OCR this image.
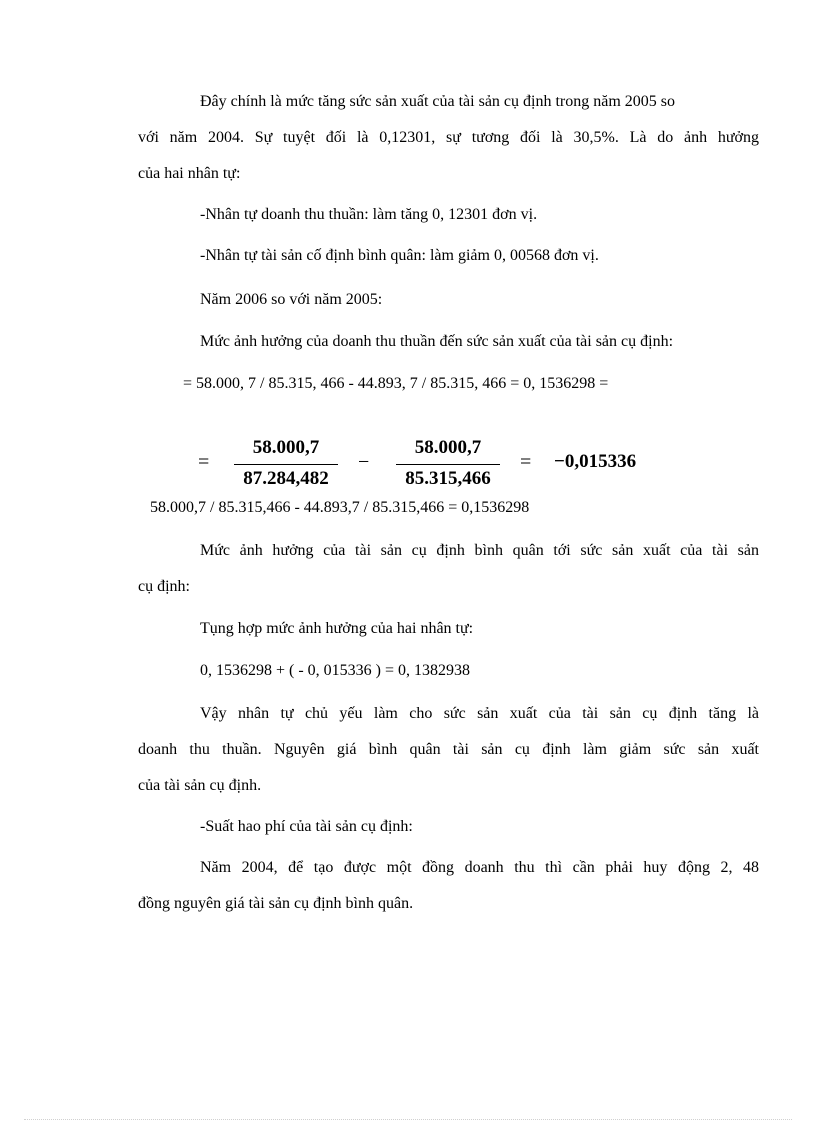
Đây chính là mức tăng sức sản xuất của tài sản cụ định trong năm 2005 so
với năm 2004. Sự tuyệt đối là 0,12301, sự tương đối là 30,5%. Là do ảnh hưởng
của hai nhân tự:
-Nhân tự doanh thu thuần: làm tăng 0, 12301 đơn vị.
-Nhân tự tài sản cố định bình quân: làm giảm 0, 00568 đơn vị.
Năm 2006 so với năm 2005:
Mức ảnh hưởng của doanh thu thuần đến sức sản xuất của tài sản cụ định:
= 58.000, 7 / 85.315, 466 - 44.893, 7 / 85.315, 466 = 0, 1536298 =
=
58.000,7
87.284,482
−
58.000,7
85.315,466
= −0,015336
58.000,7 / 85.315,466 - 44.893,7 / 85.315,466 = 0,1536298
Mức ảnh hưởng của tài sản cụ định bình quân tới sức sản xuất của tài sản
cụ định:
Tụng hợp mức ảnh hưởng của hai nhân tự:
0, 1536298 + ( - 0, 015336 ) = 0, 1382938
Vậy nhân tự chủ yếu làm cho sức sản xuất của tài sản cụ định tăng là
doanh thu thuần. Nguyên giá bình quân tài sản cụ định làm giảm sức sản xuất
của tài sản cụ định.
-Suất hao phí của tài sản cụ định:
Năm 2004, để tạo được một đồng doanh thu thì cần phải huy động 2, 48
đồng nguyên giá tài sản cụ định bình quân.
